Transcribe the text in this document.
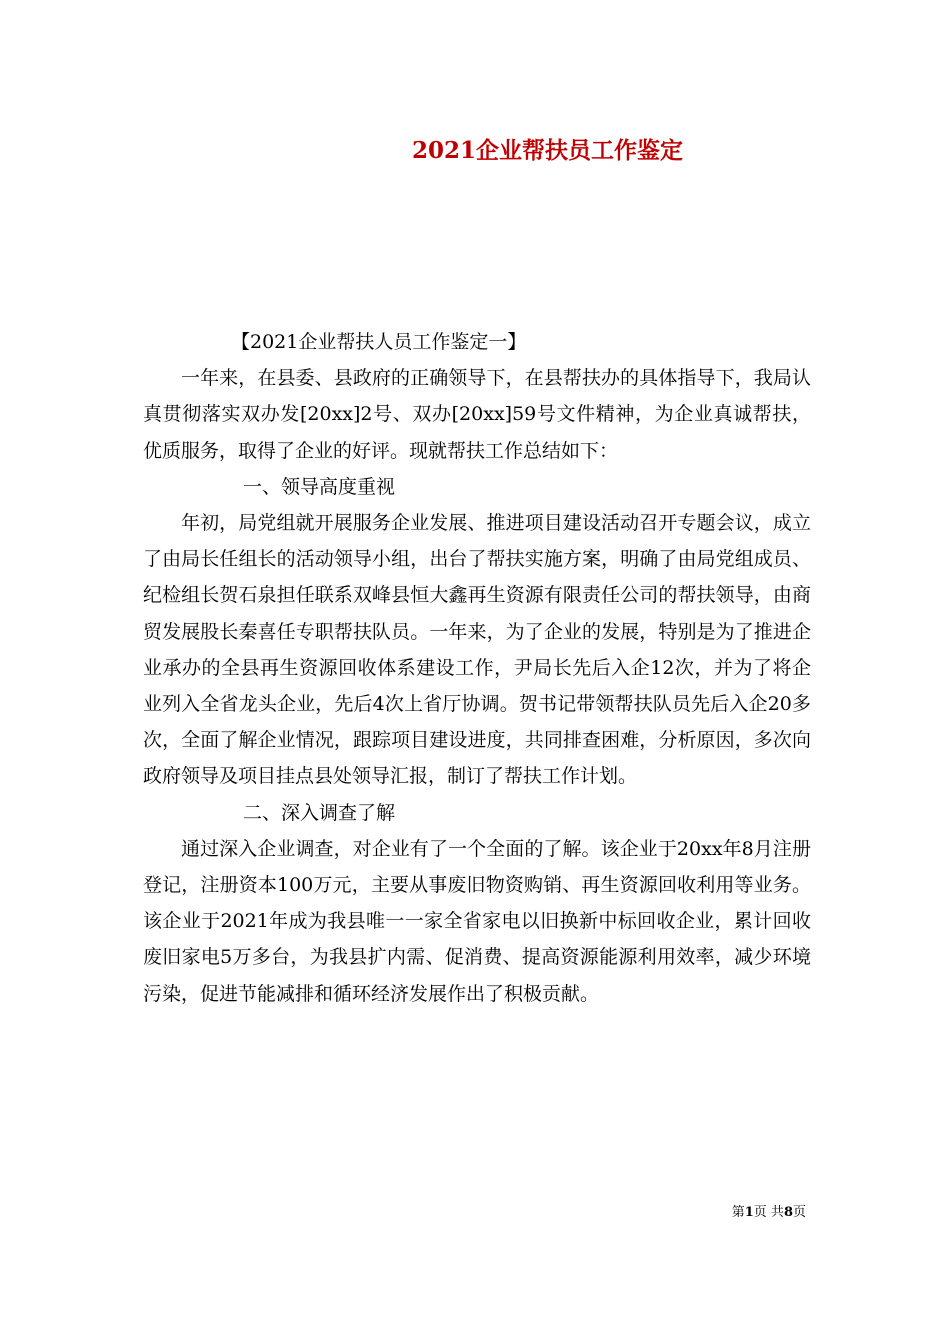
2021企业帮扶员工作鉴定

【2021企业帮扶人员工作鉴定一】

一年来，在县委、县政府的正确领导下，在县帮扶办的具体指导下，我局认真贯彻落实双办发[20xx]2号、双办[20xx]59号文件精神，为企业真诚帮扶，优质服务，取得了企业的好评。现就帮扶工作总结如下：

一、领导高度重视

年初，局党组就开展服务企业发展、推进项目建设活动召开专题会议，成立了由局长任组长的活动领导小组，出台了帮扶实施方案，明确了由局党组成员、纪检组长贺石泉担任联系双峰县恒大鑫再生资源有限责任公司的帮扶领导，由商贸发展股长秦喜任专职帮扶队员。一年来，为了企业的发展，特别是为了推进企业承办的全县再生资源回收体系建设工作，尹局长先后入企12次，并为了将企业列入全省龙头企业，先后4次上省厅协调。贺书记带领帮扶队员先后入企20多次，全面了解企业情况，跟踪项目建设进度，共同排查困难，分析原因，多次向政府领导及项目挂点县处领导汇报，制订了帮扶工作计划。

二、深入调查了解

通过深入企业调查，对企业有了一个全面的了解。该企业于20xx年8月注册登记，注册资本100万元，主要从事废旧物资购销、再生资源回收利用等业务。该企业于2021年成为我县唯一一家全省家电以旧换新中标回收企业，累计回收废旧家电5万多台，为我县扩内需、促消费、提高资源能源利用效率，减少环境污染，促进节能减排和循环经济发展作出了积极贡献。

第1页 共8页
